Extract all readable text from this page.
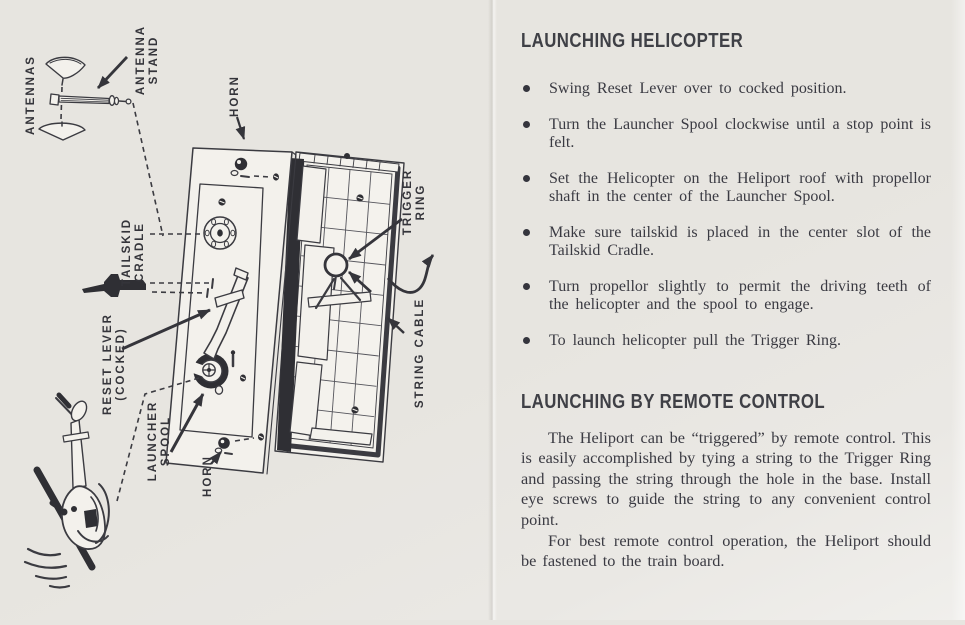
ANTENNAS	ANTENNA STAND
HORN
TAILSKID CRADLE
RESET LEVER (COCKED)
LAUNCHER SPOOL
HORN
TRIGGER RING
STRING CABLE
LAUNCHING HELICOPTER
Swing Reset Lever over to cocked position.
Turn the Launcher Spool clockwise until a stop point is felt.
Set the Helicopter on the Heliport roof with propellor shaft in the center of the Launcher Spool.
Make sure tailskid is placed in the center slot of the Tailskid Cradle.
Turn propellor slightly to permit the driving teeth of the helicopter and the spool to engage.
To launch helicopter pull the Trigger Ring.
LAUNCHING BY REMOTE CONTROL

The Heliport can be “triggered” by remote control. This is easily accomplished by tying a string to the Trigger Ring and passing the string through the hole in the base. Install eye screws to guide the string to any convenient control point.

For best remote control operation, the Heliport should be fastened to the train board.
